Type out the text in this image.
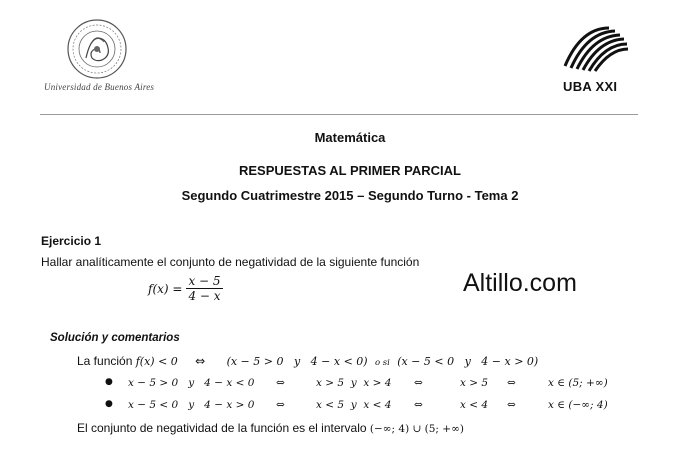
Universidad de Buenos Aires	UBA XXI
Matemática
RESPUESTAS AL PRIMER PARCIAL
Segundo Cuatrimestre 2015 – Segundo Turno - Tema 2
Ejercicio 1
Hallar analíticamente el conjunto de negatividad de la siguiente función
$f(x) = \frac{x - 5}{4 - x}$	Altillo.com
Solución y comentarios
La función f(x) < 0 ⇔ (x − 5 > 0   y   4 − x < 0) o si (x − 5 < 0   y   4 − x > 0)
● x − 5 > 0   y   4 − x < 0 ⇔	x > 5  y  x > 4 ⇔	x > 5 ⇔	x ∈ (5; +∞)
● x − 5 < 0   y   4 − x > 0 ⇔	x < 5  y  x < 4 ⇔	x < 4 ⇔	x ∈ (−∞; 4)
El conjunto de negatividad de la función es el intervalo (−∞; 4) ∪ (5; +∞)
